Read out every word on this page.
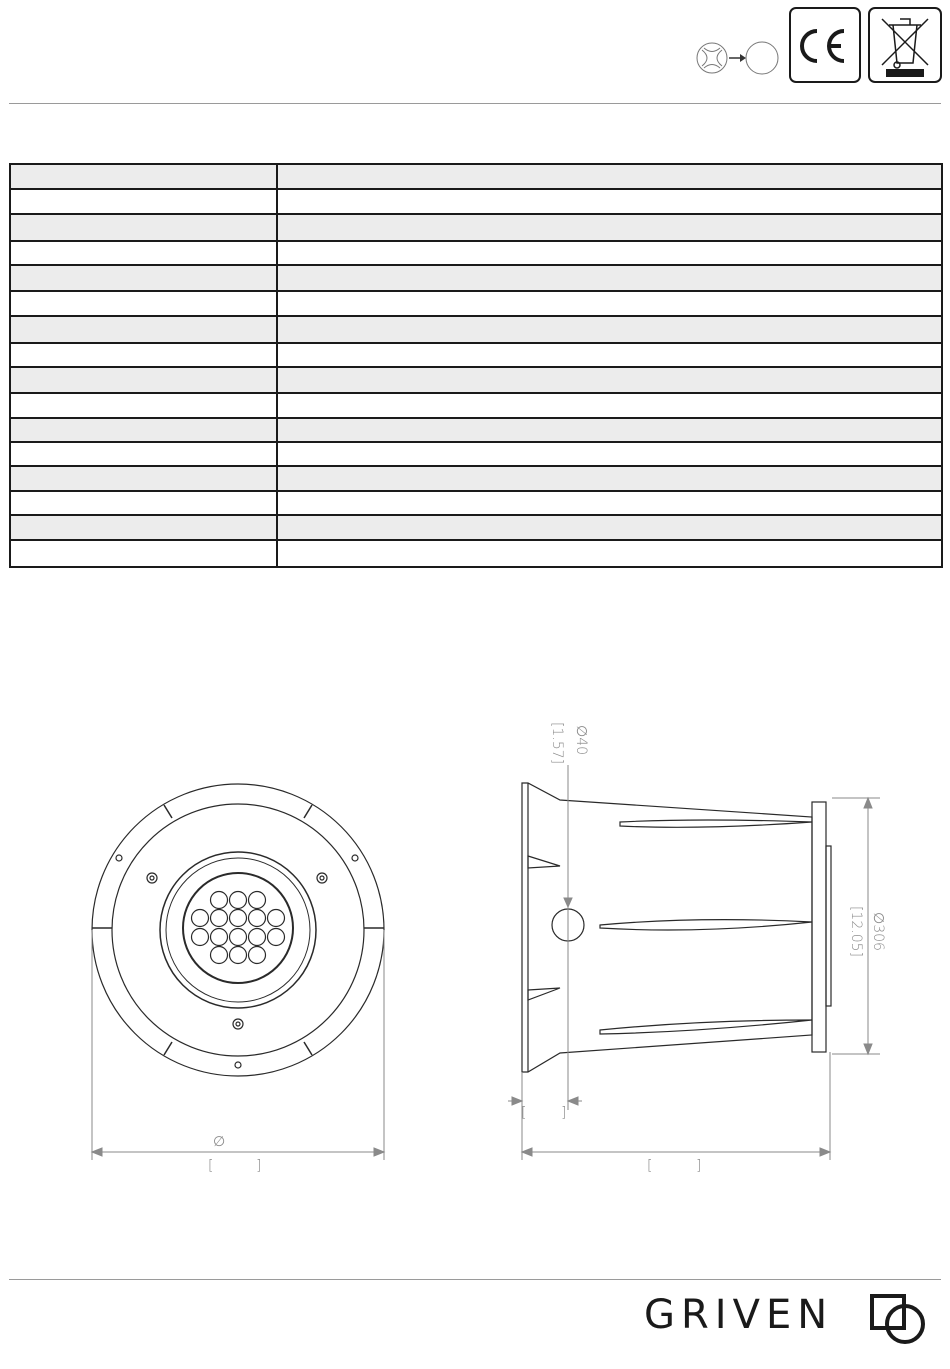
∅
[	]	[	]
[ ]
∅40
[1.57]
∅306
[12.05]
GRIVEN
